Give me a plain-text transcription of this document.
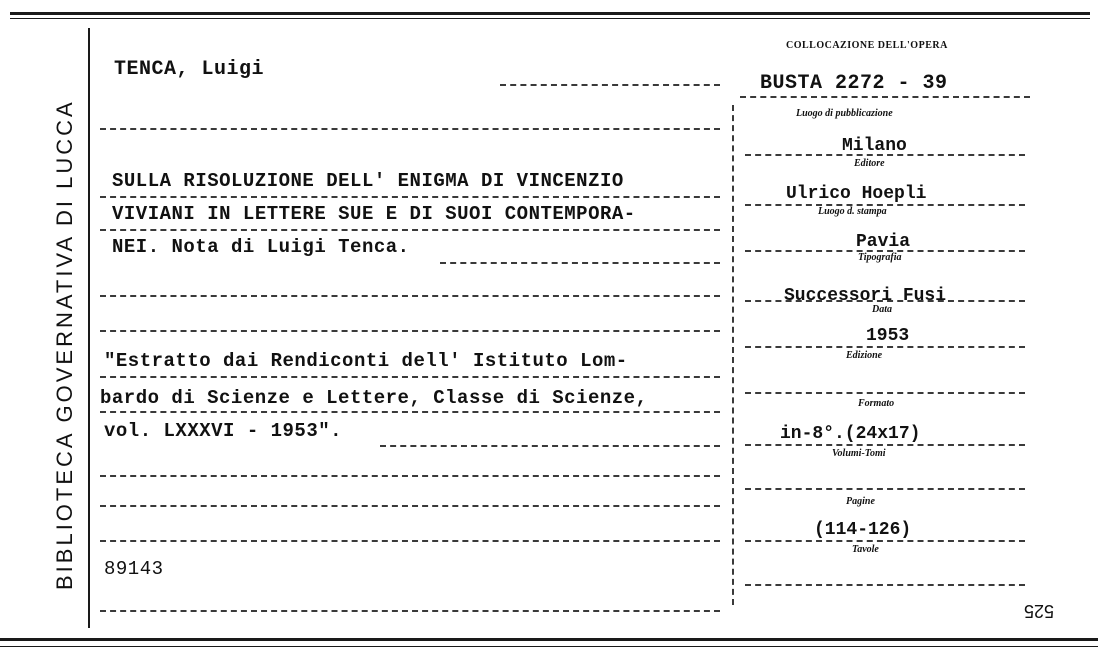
BIBLIOTECA GOVERNATIVA DI LUCCA
TENCA, Luigi
COLLOCAZIONE DELL'OPERA
BUSTA 2272 - 39
SULLA RISOLUZIONE DELL' ENIGMA DI VINCENZIO
VIVIANI IN LETTERE SUE E DI SUOI CONTEMPORA-
NEI. Nota di Luigi Tenca.
"Estratto dai Rendiconti dell' Istituto Lom-
bardo di Scienze e Lettere, Classe di Scienze,
vol. LXXXVI - 1953".
89143
Luogo di pubblicazione
Milano
Editore
Ulrico Hoepli
Luogo d. stampa
Pavia
Tipografia
Successori Fusi
Data
1953
Edizione
Formato
in-8°.(24x17)
Volumi-Tomi
Pagine
(114-126)
Tavole
525
